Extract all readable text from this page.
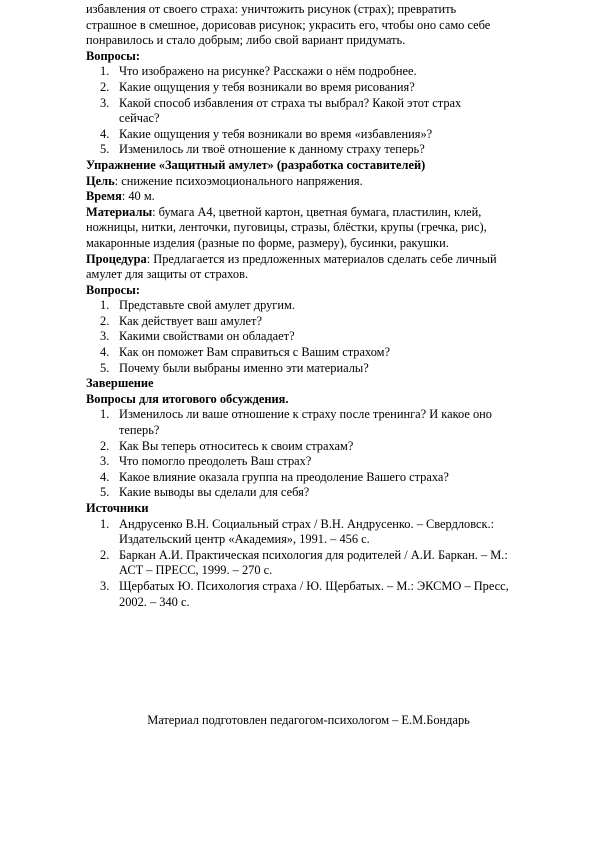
избавления от своего страха: уничтожить рисунок (страх); превратить

страшное в смешное, дорисовав рисунок; украсить его, чтобы оно само себе

понравилось и стало добрым; либо свой вариант придумать.

Вопросы:

1. Что изображено на рисунке? Расскажи о нём подробнее.
2. Какие ощущения у тебя возникали во время рисования?
3. Какой способ избавления от страха ты выбрал? Какой этот страх сейчас?
4. Какие ощущения у тебя возникали во время «избавления»?
5. Изменилось ли твоё отношение к данному страху теперь?

Упражнение «Защитный амулет» (разработка составителей)

Цель: снижение психоэмоционального напряжения.

Время: 40 м.

Материалы: бумага А4, цветной картон, цветная бумага, пластилин, клей, ножницы, нитки, ленточки, пуговицы, стразы, блёстки, крупы (гречка, рис), макаронные изделия (разные по форме, размеру), бусинки, ракушки.

Процедура: Предлагается из предложенных материалов сделать себе личный амулет для защиты от страхов.

Вопросы:

1. Представьте свой амулет другим.
2. Как действует ваш амулет?
3. Какими свойствами он обладает?
4. Как он поможет Вам справиться с Вашим страхом?
5. Почему были выбраны именно эти материалы?

Завершение

Вопросы для итогового обсуждения.

1. Изменилось ли ваше отношение к страху после тренинга? И какое оно теперь?
2. Как Вы теперь относитесь к своим страхам?
3. Что помогло преодолеть Ваш страх?
4. Какое влияние оказала группа на преодоление Вашего страха?
5. Какие выводы вы сделали для себя?

Источники

1. Андрусенко В.Н. Социальный страх / В.Н. Андрусенко. – Свердловск.: Издательский центр «Академия», 1991. – 456 с.
2. Баркан А.И. Практическая психология для родителей / А.И. Баркан. – М.: АСТ – ПРЕСС, 1999. – 270 с.
3. Щербатых Ю. Психология страха / Ю. Щербатых. – М.: ЭКСМО – Пресс, 2002. – 340 с.

Материал подготовлен педагогом-психологом – Е.М.Бондарь
